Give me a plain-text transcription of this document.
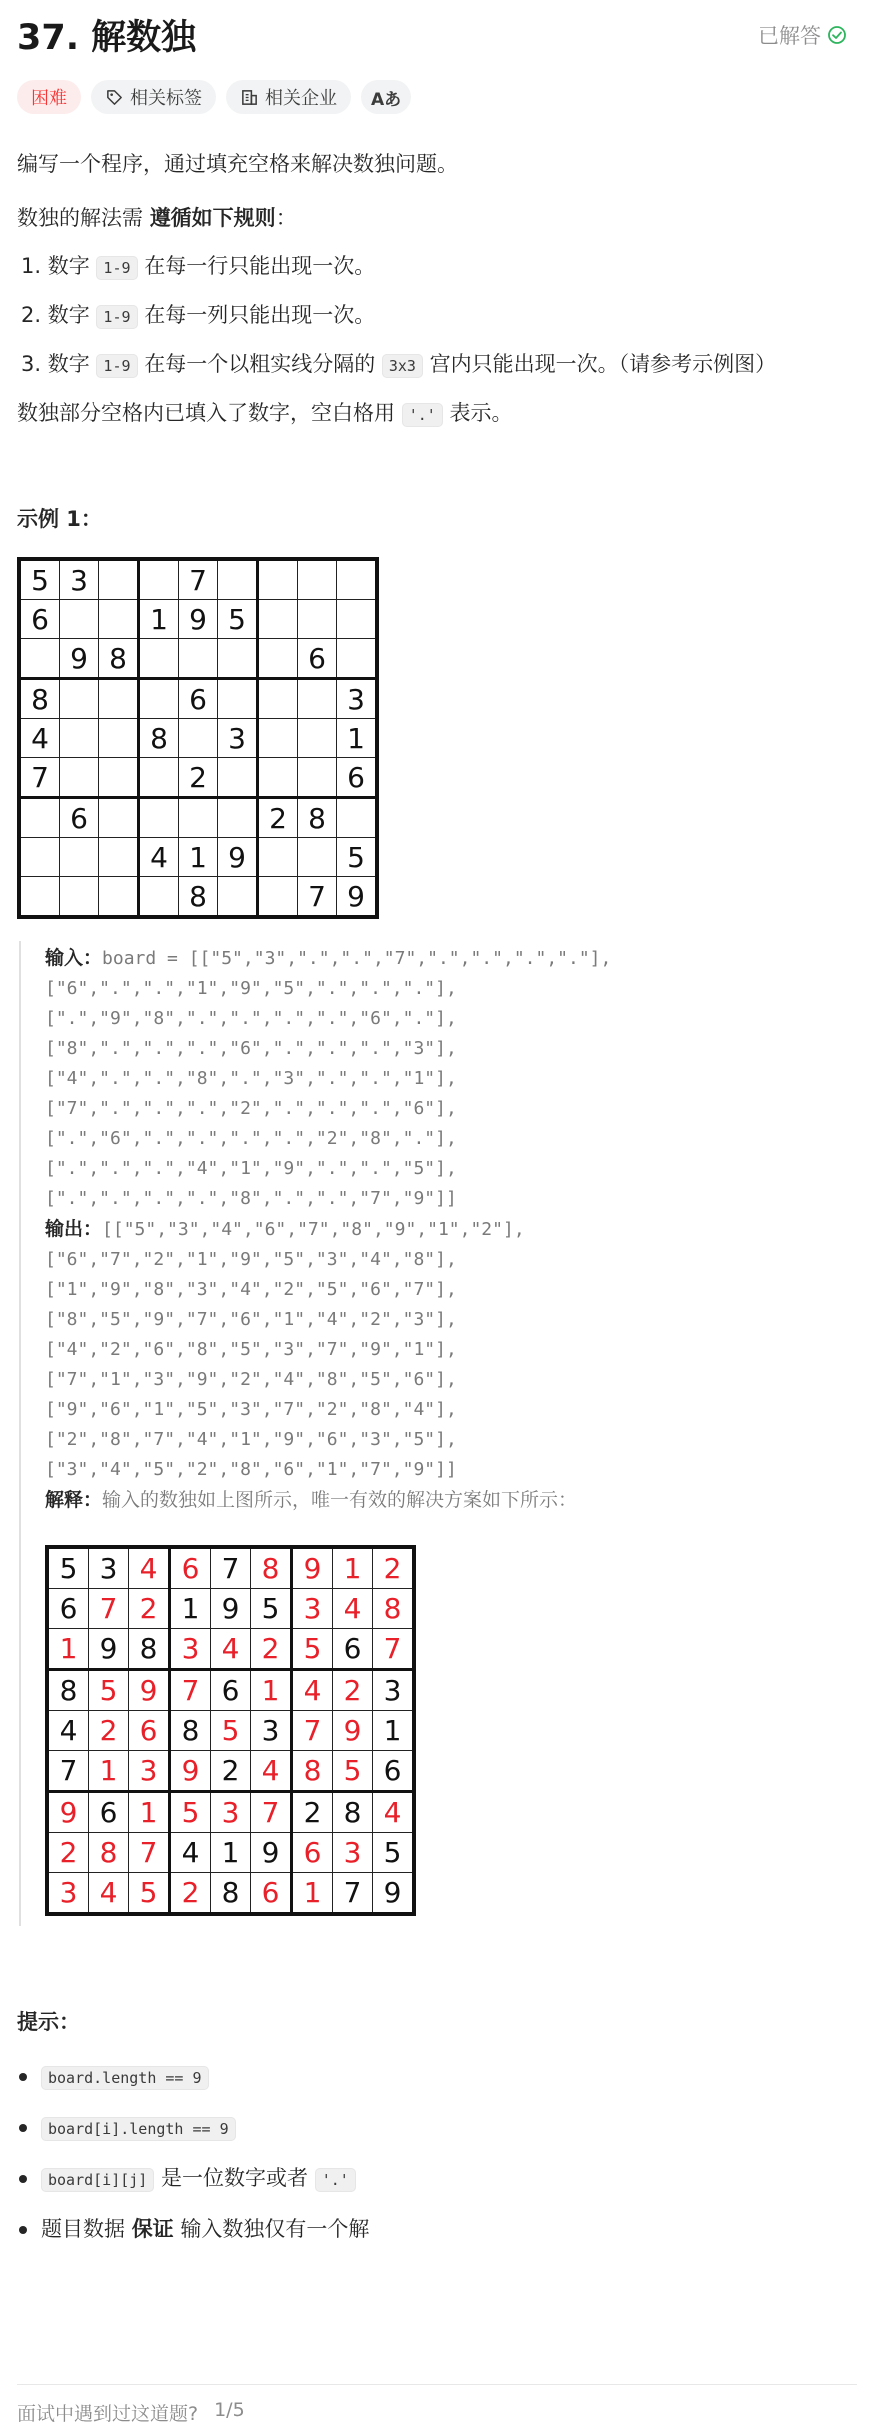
37. 解数独	已解答
困难	相关标签	相关企业 Aあ

编写一个程序，通过填充空格来解决数独问题。

数独的解法需 遵循如下规则：

1. 数字 1-9 在每一行只能出现一次。
2. 数字 1-9 在每一列只能出现一次。
3. 数字 1-9 在每一个以粗实线分隔的 3x3 宫内只能出现一次。（请参考示例图）

数独部分空格内已填入了数字，空白格用 '.' 表示。

示例 1：

5	3			7				
6			1	9	5			
	9	8					6	
8				6				3
4			8		3			1
7				2				6
	6					2	8	
			4	1	9			5
				8			7	9
输入：board = [["5","3",".",".","7",".",".",".","."],
["6",".",".","1","9","5",".",".","."],
[".","9","8",".",".",".",".","6","."],
["8",".",".",".","6",".",".",".","3"],
["4",".",".","8",".","3",".",".","1"],
["7",".",".",".","2",".",".",".","6"],
[".","6",".",".",".",".","2","8","."],
[".",".",".","4","1","9",".",".","5"],
[".",".",".",".","8",".",".","7","9"]]
输出：[["5","3","4","6","7","8","9","1","2"],
["6","7","2","1","9","5","3","4","8"],
["1","9","8","3","4","2","5","6","7"],
["8","5","9","7","6","1","4","2","3"],
["4","2","6","8","5","3","7","9","1"],
["7","1","3","9","2","4","8","5","6"],
["9","6","1","5","3","7","2","8","4"],
["2","8","7","4","1","9","6","3","5"],
["3","4","5","2","8","6","1","7","9"]]
解释：输入的数独如上图所示，唯一有效的解决方案如下所示：
5	3	4	6	7	8	9	1	2
6	7	2	1	9	5	3	4	8
1	9	8	3	4	2	5	6	7
8	5	9	7	6	1	4	2	3
4	2	6	8	5	3	7	9	1
7	1	3	9	2	4	8	5	6
9	6	1	5	3	7	2	8	4
2	8	7	4	1	9	6	3	5
3	4	5	2	8	6	1	7	9

提示：

board.length == 9
board[i].length == 9
board[i][j] 是一位数字或者 '.'
题目数据 保证 输入数独仅有一个解
面试中遇到过这道题? 1/5
